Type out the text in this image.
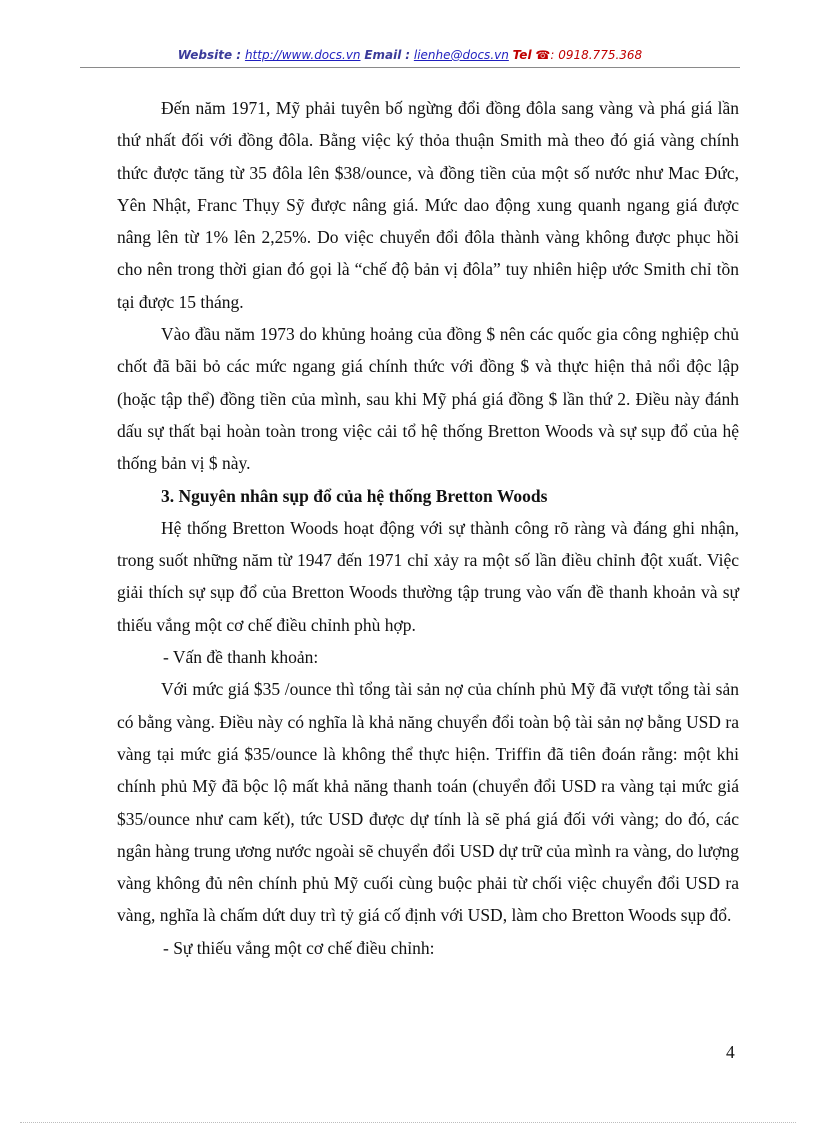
Website : http://www.docs.vn Email : lienhe@docs.vn Tel ☎: 0918.775.368

Đến năm 1971, Mỹ phải tuyên bố ngừng đổi đồng đôla sang vàng và phá giá lần thứ nhất đối với đồng đôla. Bằng việc ký thỏa thuận Smith mà theo đó giá vàng chính thức được tăng từ 35 đôla lên $38/ounce, và đồng tiền của một số nước như Mac Đức, Yên Nhật, Franc Thụy Sỹ được nâng giá. Mức dao động xung quanh ngang giá được nâng lên từ 1% lên 2,25%. Do việc chuyển đổi đôla thành vàng không được phục hồi cho nên trong thời gian đó gọi là “chế độ bản vị đôla” tuy nhiên hiệp ước Smith chỉ tồn tại được 15 tháng.

Vào đầu năm 1973 do khủng hoảng của đồng $ nên các quốc gia công nghiệp chủ chốt đã bãi bỏ các mức ngang giá chính thức với đồng $ và thực hiện thả nổi độc lập (hoặc tập thể) đồng tiền của mình, sau khi Mỹ phá giá đồng $ lần thứ 2. Điều này đánh dấu sự thất bại hoàn toàn trong việc cải tổ hệ thống Bretton Woods và sự sụp đổ của hệ thống bản vị $ này.

3. Nguyên nhân sụp đổ của hệ thống Bretton Woods

Hệ thống Bretton Woods hoạt động với sự thành công rõ ràng và đáng ghi nhận, trong suốt những năm từ 1947 đến 1971 chỉ xảy ra một số lần điều chỉnh đột xuất. Việc giải thích sự sụp đổ của Bretton Woods thường tập trung vào vấn đề thanh khoản và sự thiếu vắng một cơ chế điều chỉnh phù hợp.

- Vấn đề thanh khoản:

Với mức giá $35 /ounce thì tổng tài sản nợ của chính phủ Mỹ đã vượt tổng tài sản có bằng vàng. Điều này có nghĩa là khả năng chuyển đổi toàn bộ tài sản nợ bằng USD ra vàng tại mức giá $35/ounce là không thể thực hiện. Triffin đã tiên đoán rằng: một khi chính phủ Mỹ đã bộc lộ mất khả năng thanh toán (chuyển đổi USD ra vàng tại mức giá $35/ounce như cam kết), tức USD được dự tính là sẽ phá giá đối với vàng; do đó, các ngân hàng trung ương nước ngoài sẽ chuyển đổi USD dự trữ của mình ra vàng, do lượng vàng không đủ nên chính phủ Mỹ cuối cùng buộc phải từ chối việc chuyển đổi USD ra vàng, nghĩa là chấm dứt duy trì tỷ giá cố định với USD, làm cho Bretton Woods sụp đổ.

- Sự thiếu vắng một cơ chế điều chỉnh:

4
